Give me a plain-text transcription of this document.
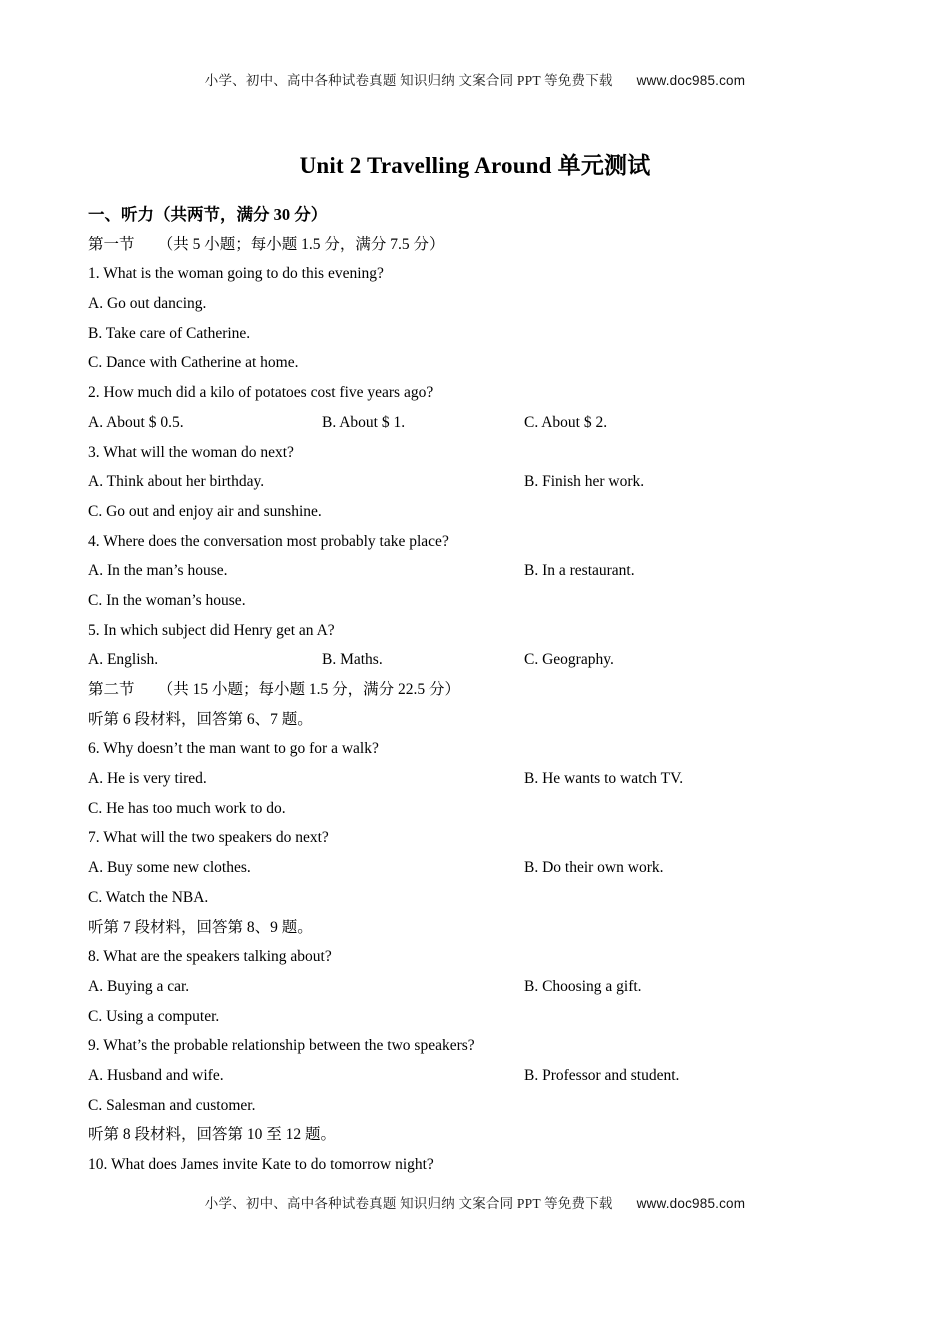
小学、初中、高中各种试卷真题 知识归纳 文案合同 PPT 等免费下载 www.doc985.com
Unit 2 Travelling Around 单元测试
一、听力（共两节，满分 30 分）
第一节　　（共 5 小题；每小题 1.5 分，满分 7.5 分）
1. What is the woman going to do this evening?
A. Go out dancing.
B. Take care of Catherine.
C. Dance with Catherine at home.
2. How much did a kilo of potatoes cost five years ago?
A. About $ 0.5.	B. About $ 1.	C. About $ 2.
3. What will the woman do next?
A. Think about her birthday.	B. Finish her work.
C. Go out and enjoy air and sunshine.
4. Where does the conversation most probably take place?
A. In the man’s house.	B. In a restaurant.
C. In the woman’s house.
5. In which subject did Henry get an A?
A. English.	B. Maths.	C. Geography.
第二节　　（共 15 小题；每小题 1.5 分，满分 22.5 分）
听第 6 段材料，回答第 6、7 题。
6. Why doesn’t the man want to go for a walk?
A. He is very tired.	B. He wants to watch TV.
C. He has too much work to do.
7. What will the two speakers do next?
A. Buy some new clothes.	B. Do their own work.
C. Watch the NBA.
听第 7 段材料，回答第 8、9 题。
8. What are the speakers talking about?
A. Buying a car.	B. Choosing a gift.
C. Using a computer.
9. What’s the probable relationship between the two speakers?
A. Husband and wife.	B. Professor and student.
C. Salesman and customer.
听第 8 段材料，回答第 10 至 12 题。
10. What does James invite Kate to do tomorrow night?
小学、初中、高中各种试卷真题 知识归纳 文案合同 PPT 等免费下载 www.doc985.com
